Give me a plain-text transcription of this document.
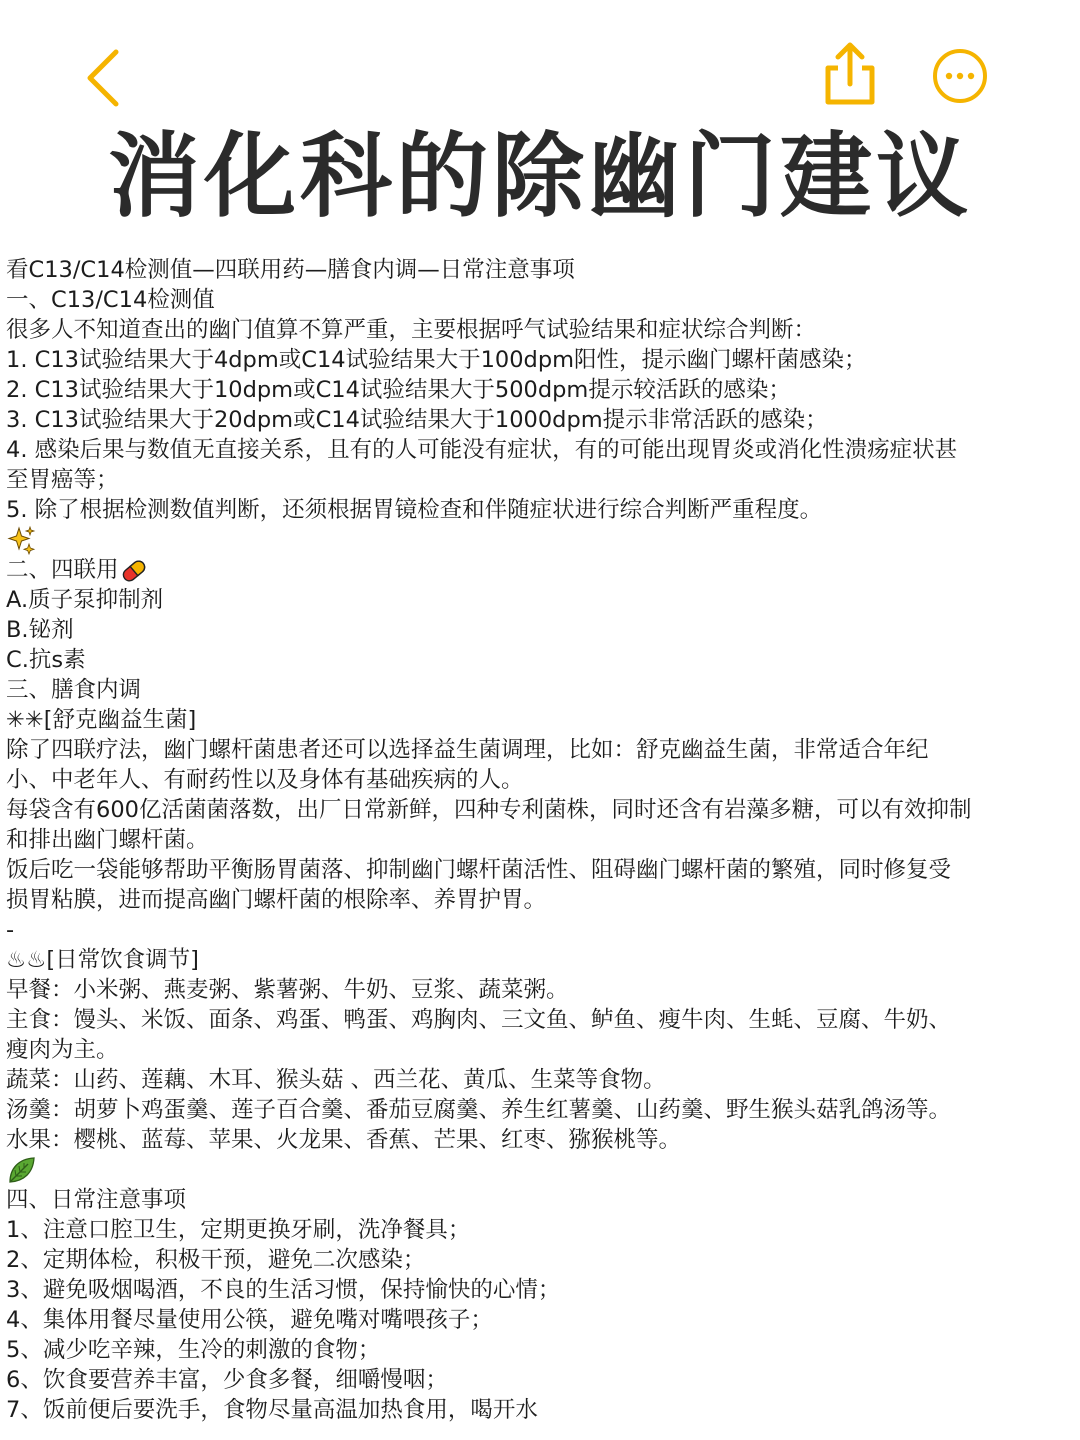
消化科的除幽门建议
看C13/C14检测值—四联用药—膳食内调—日常注意事项
一、C13/C14检测值
很多人不知道查出的幽门值算不算严重，主要根据呼气试验结果和症状综合判断：
1. C13试验结果大于4dpm或C14试验结果大于100dpm阳性，提示幽门螺杆菌感染；
2. C13试验结果大于10dpm或C14试验结果大于500dpm提示较活跃的感染；
3. C13试验结果大于20dpm或C14试验结果大于1000dpm提示非常活跃的感染；
4. 感染后果与数值无直接关系，且有的人可能没有症状，有的可能出现胃炎或消化性溃疡症状甚
至胃癌等；
5. 除了根据检测数值判断，还须根据胃镜检查和伴随症状进行综合判断严重程度。
二、四联用
A.质子泵抑制剂
B.铋剂
C.抗s素
三、膳食内调
✳✳[舒克幽益生菌]
除了四联疗法，幽门螺杆菌患者还可以选择益生菌调理，比如：舒克幽益生菌，非常适合年纪
小、中老年人、有耐药性以及身体有基础疾病的人。
每袋含有600亿活菌菌落数，出厂日常新鲜，四种专利菌株，同时还含有岩藻多糖，可以有效抑制
和排出幽门螺杆菌。
饭后吃一袋能够帮助平衡肠胃菌落、抑制幽门螺杆菌活性、阻碍幽门螺杆菌的繁殖，同时修复受
损胃粘膜，进而提高幽门螺杆菌的根除率、养胃护胃。
-
♨♨[日常饮食调节]
早餐：小米粥、燕麦粥、紫薯粥、牛奶、豆浆、蔬菜粥。
主食：馒头、米饭、面条、鸡蛋、鸭蛋、鸡胸肉、三文鱼、鲈鱼、瘦牛肉、生蚝、豆腐、牛奶、
瘦肉为主。
蔬菜：山药、莲藕、木耳、猴头菇 、西兰花、黄瓜、生菜等食物。
汤羹：胡萝卜鸡蛋羹、莲子百合羹、番茄豆腐羹、养生红薯羹、山药羹、野生猴头菇乳鸽汤等。
水果：樱桃、蓝莓、苹果、火龙果、香蕉、芒果、红枣、猕猴桃等。
四、日常注意事项
1、注意口腔卫生，定期更换牙刷，洗净餐具；
2、定期体检，积极干预，避免二次感染；
3、避免吸烟喝酒，不良的生活习惯，保持愉快的心情；
4、集体用餐尽量使用公筷，避免嘴对嘴喂孩子；
5、减少吃辛辣，生冷的刺激的食物；
6、饮食要营养丰富，少食多餐，细嚼慢咽；
7、饭前便后要洗手，食物尽量高温加热食用，喝开水
